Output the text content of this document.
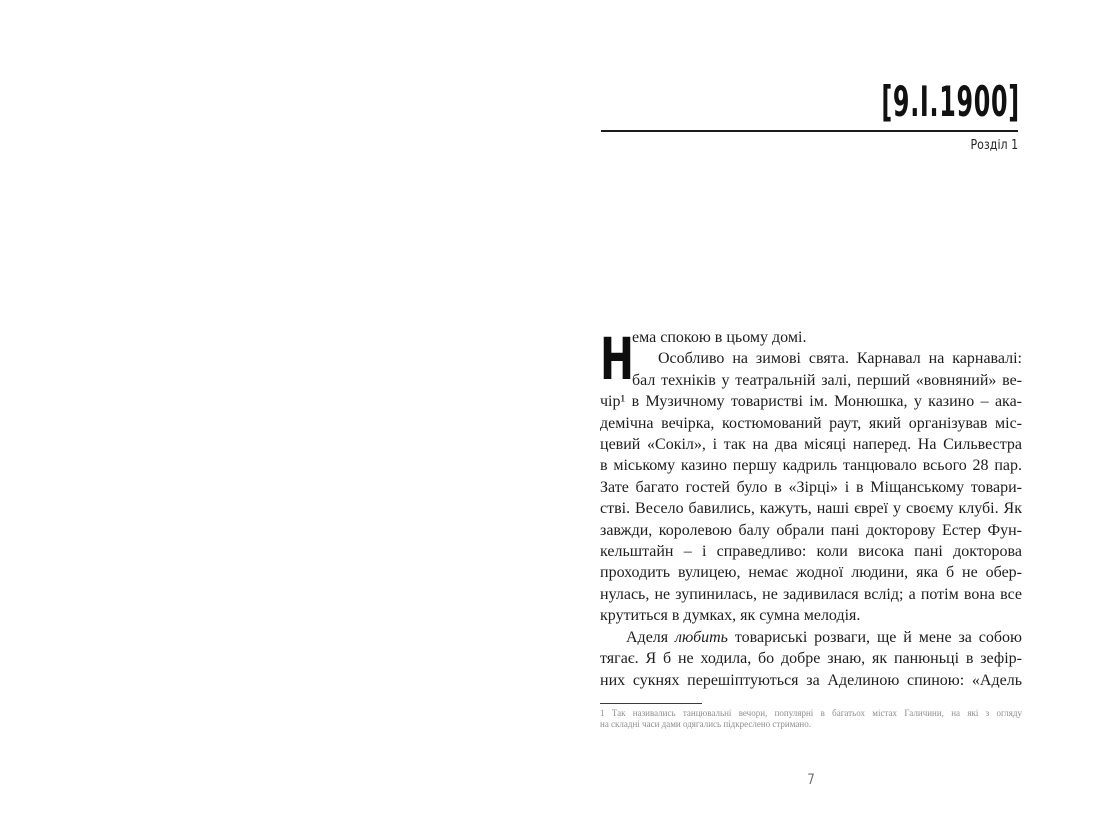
[9.I.1900]
Розділ 1
Н
ема спокою в цьому домі.
Особливо на зимові свята. Карнавал на карнавалі:
бал техніків у театральній залі, перший «вовняний» ве-
чір¹ в Музичному товаристві ім. Монюшка, у казино – ака-
демічна вечірка, костюмований раут, який організував міс-
цевий «Сокіл», і так на два місяці наперед. На Сильвестра
в міському казино першу кадриль танцювало всього 28 пар.
Зате багато гостей було в «Зірці» і в Міщанському товари-
стві. Весело бавились, кажуть, наші євреї у своєму клубі. Як
завжди, королевою балу обрали пані докторову Естер Фун-
кельштайн – і справедливо: коли висока пані докторова
проходить вулицею, немає жодної людини, яка б не обер-
нулась, не зупинилась, не задивилася вслід; а потім вона все
крутиться в думках, як сумна мелодія.
Аделя любить товариські розваги, ще й мене за собою
тягає. Я б не ходила, бо добре знаю, як панюньці в зефір-
них сукнях перешіптуються за Аделиною спиною: «Адель
1 Так називались танцювальні вечори, популярні в багатьох містах Галичини, на які з огляду
на складні часи дами одягались підкреслено стримано.
7
